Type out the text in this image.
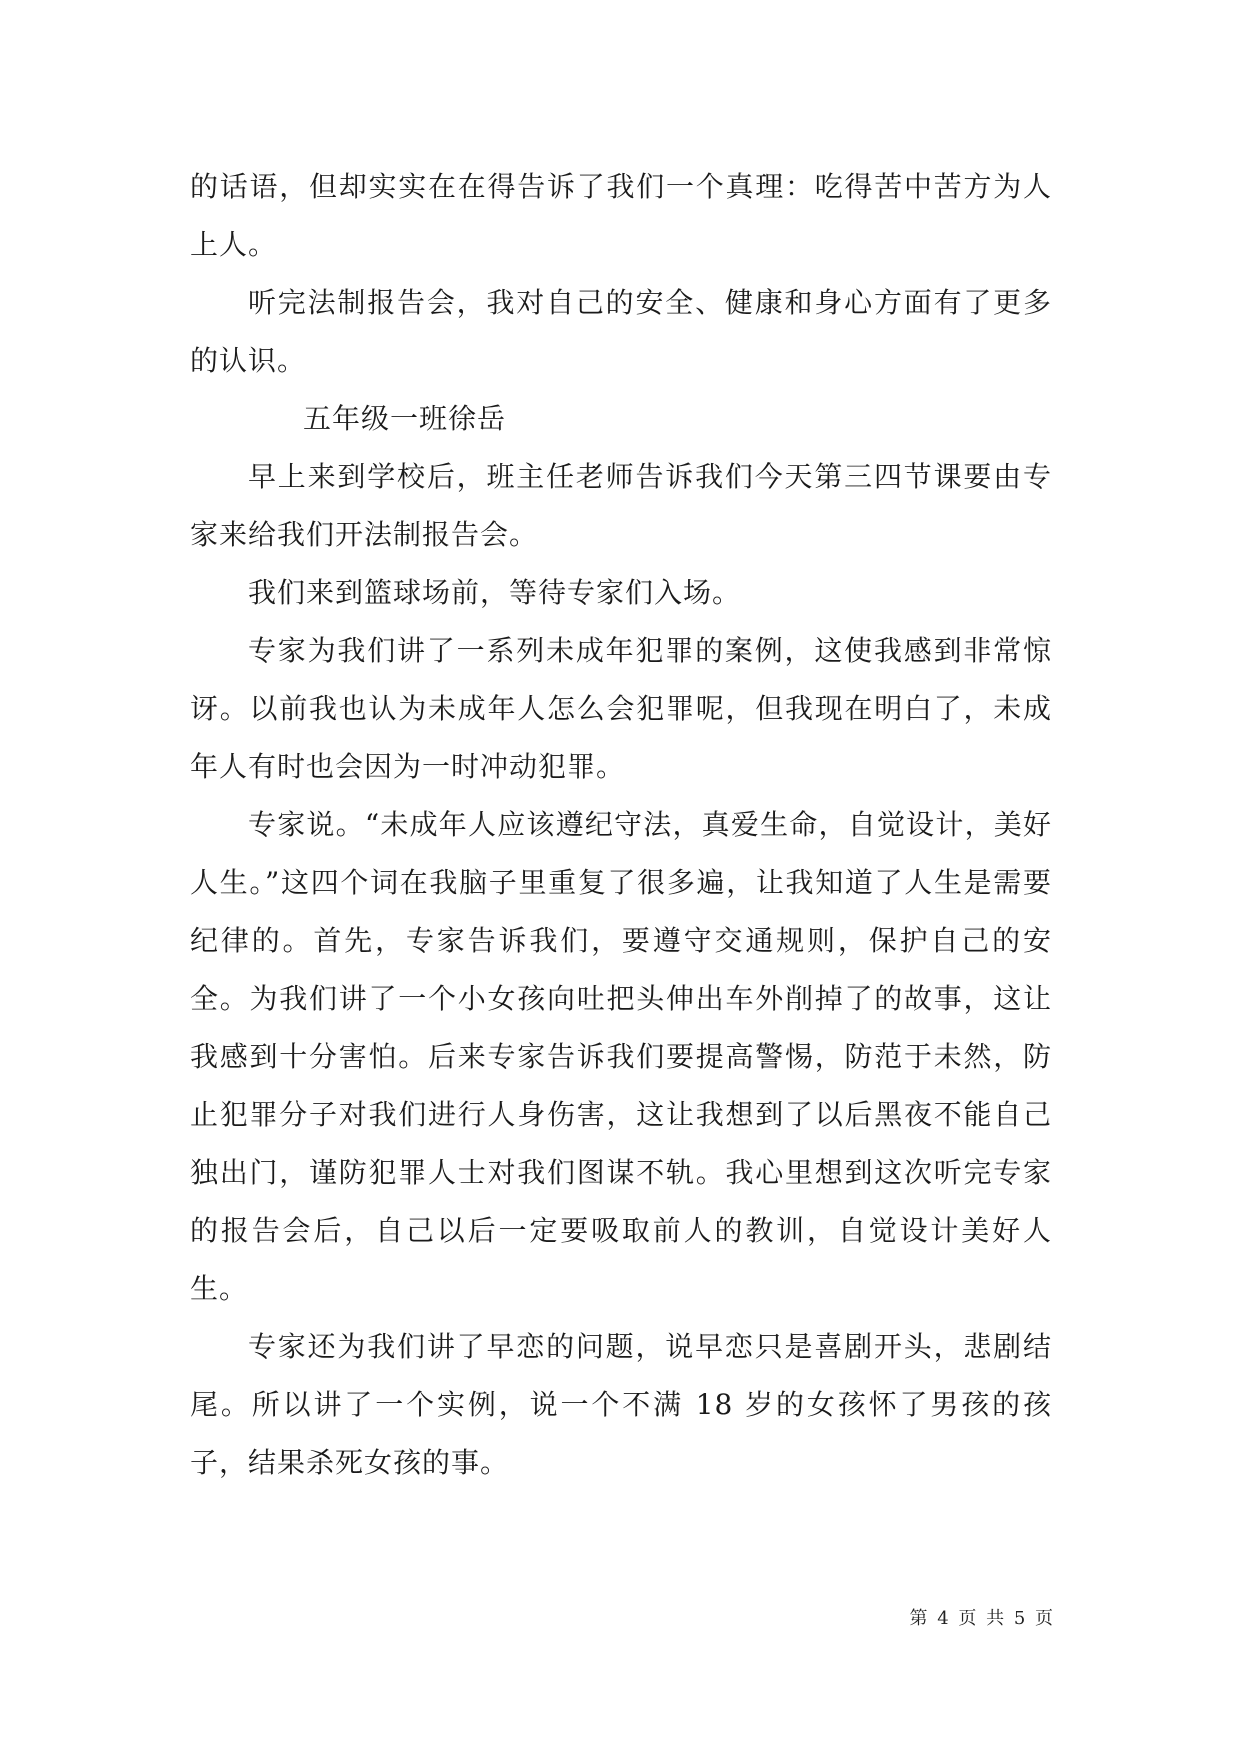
的话语，但却实实在在得告诉了我们一个真理：吃得苦中苦方为人上人。

听完法制报告会，我对自己的安全、健康和身心方面有了更多的认识。

五年级一班徐岳

早上来到学校后，班主任老师告诉我们今天第三四节课要由专家来给我们开法制报告会。

我们来到篮球场前，等待专家们入场。

专家为我们讲了一系列未成年犯罪的案例，这使我感到非常惊讶。以前我也认为未成年人怎么会犯罪呢，但我现在明白了，未成年人有时也会因为一时冲动犯罪。

专家说。“未成年人应该遵纪守法，真爱生命，自觉设计，美好人生。”这四个词在我脑子里重复了很多遍，让我知道了人生是需要纪律的。首先，专家告诉我们，要遵守交通规则，保护自己的安全。为我们讲了一个小女孩向吐把头伸出车外削掉了的故事，这让我感到十分害怕。后来专家告诉我们要提高警惕，防范于未然，防止犯罪分子对我们进行人身伤害，这让我想到了以后黑夜不能自己独出门，谨防犯罪人士对我们图谋不轨。我心里想到这次听完专家的报告会后，自己以后一定要吸取前人的教训，自觉设计美好人生。

专家还为我们讲了早恋的问题，说早恋只是喜剧开头，悲剧结尾。所以讲了一个实例，说一个不满 18 岁的女孩怀了男孩的孩子，结果杀死女孩的事。

第 4 页 共 5 页
